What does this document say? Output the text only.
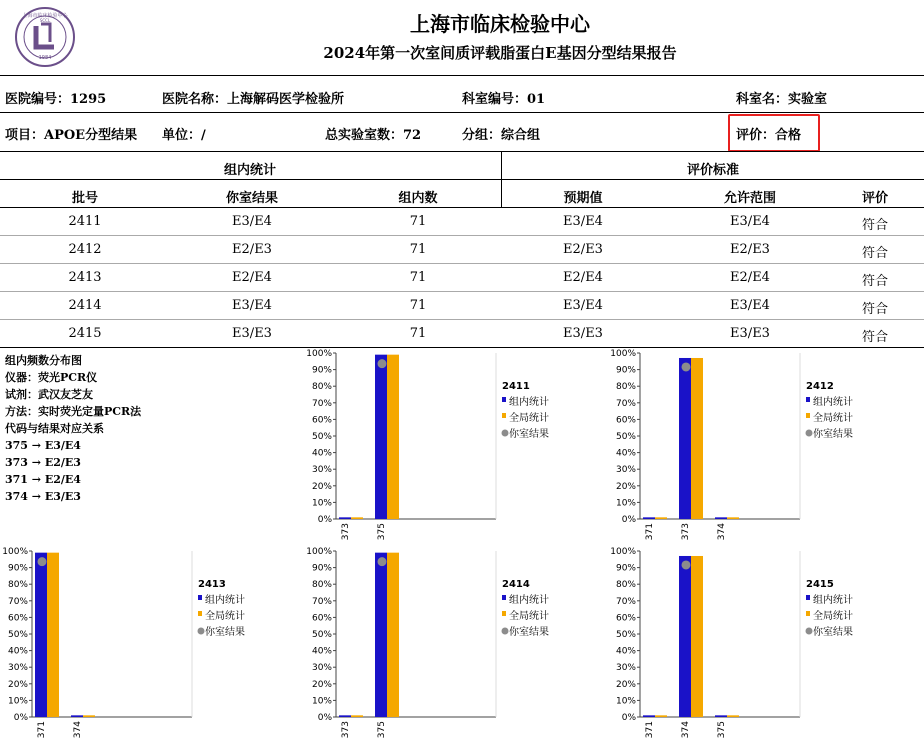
上海市临床检验中心
SCCL
1984
上海市临床检验中心
2024年第一次室间质评载脂蛋白E基因分型结果报告
医院编号：1295	医院名称：上海解码医学检验所	科室编号：01	科室名：实验室
项目：APOE分型结果 单位：/	总实验室数：72	分组：综合组	评价：合格
组内统计	评价标准
批号	你室结果	组内数	预期值	允许范围	评价
2411	E3/E4	71	E3/E4	E3/E4	符合
2412	E2/E3	71	E2/E3	E2/E3	符合
2413	E2/E4	71	E2/E4	E2/E4	符合
2414	E3/E4	71	E3/E4	E3/E4	符合
2415	E3/E3	71	E3/E3	E3/E3	符合
组内频数分布图
仪器：荧光PCR仪
试剂：武汉友芝友
方法：实时荧光定量PCR法
代码与结果对应关系
375 → E3/E4
373 → E2/E3
371 → E2/E4
374 → E3/E3
0%
10%
20%
30%
40%
50%
60%
70%
80%
90%
100%
373	375
2411
组内统计
全局统计
你室结果
0%
10%
20%
30%
40%
50%
60%
70%
80%
90%
100%
371	373	374
2412
组内统计
全局统计
你室结果
0%
10%
20%
30%
40%
50%
60%
70%
80%
90%
100%
371	374
2413
组内统计
全局统计
你室结果
0%
10%
20%
30%
40%
50%
60%
70%
80%
90%
100%
373	375
2414
组内统计
全局统计
你室结果
0%
10%
20%
30%
40%
50%
60%
70%
80%
90%
100%
371	374	375
2415
组内统计
全局统计
你室结果
